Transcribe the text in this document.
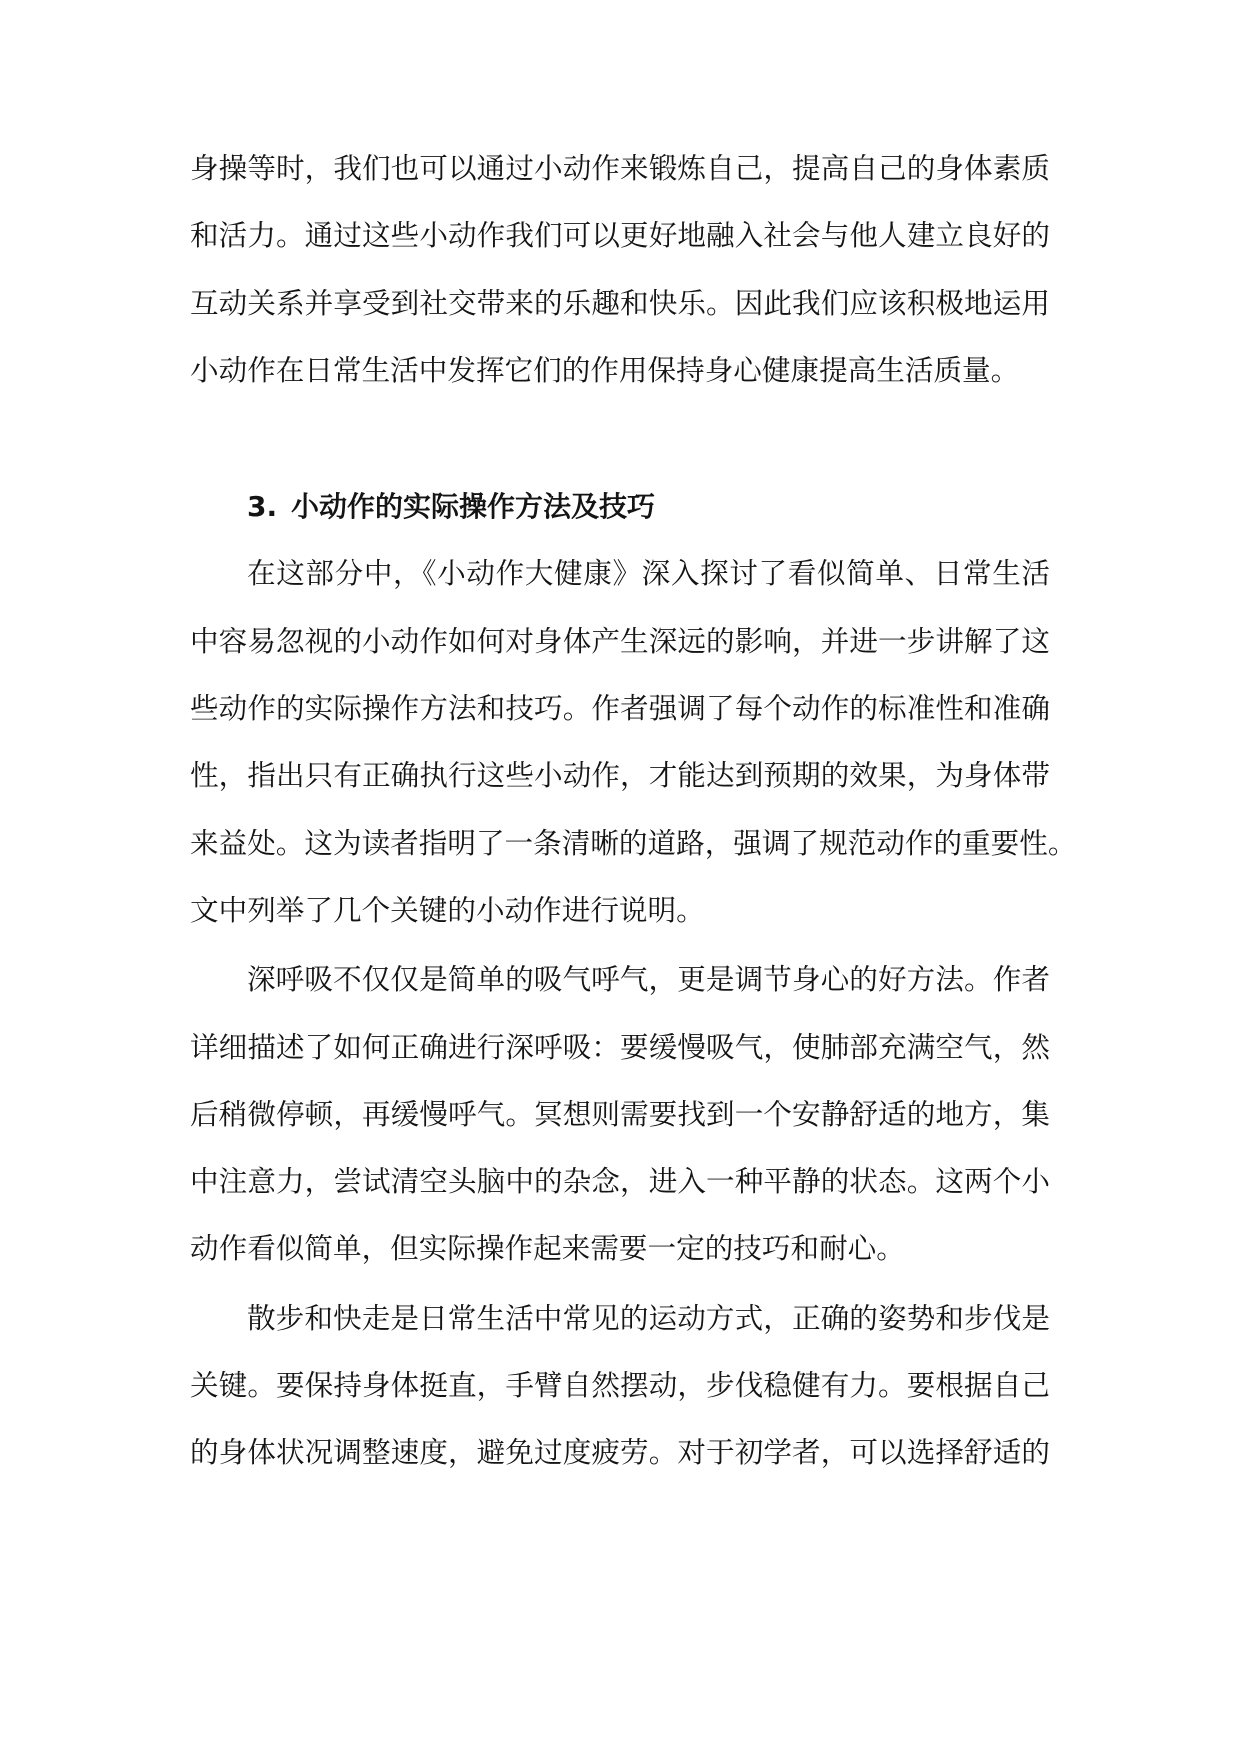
身操等时，我们也可以通过小动作来锻炼自己，提高自己的身体素质
和活力。通过这些小动作我们可以更好地融入社会与他人建立良好的
互动关系并享受到社交带来的乐趣和快乐。因此我们应该积极地运用
小动作在日常生活中发挥它们的作用保持身心健康提高生活质量。
3. 小动作的实际操作方法及技巧
在这部分中，《小动作大健康》深入探讨了看似简单、日常生活
中容易忽视的小动作如何对身体产生深远的影响，并进一步讲解了这
些动作的实际操作方法和技巧。作者强调了每个动作的标准性和准确
性，指出只有正确执行这些小动作，才能达到预期的效果，为身体带
来益处。这为读者指明了一条清晰的道路，强调了规范动作的重要性。
文中列举了几个关键的小动作进行说明。
深呼吸不仅仅是简单的吸气呼气，更是调节身心的好方法。作者
详细描述了如何正确进行深呼吸：要缓慢吸气，使肺部充满空气，然
后稍微停顿，再缓慢呼气。冥想则需要找到一个安静舒适的地方，集
中注意力，尝试清空头脑中的杂念，进入一种平静的状态。这两个小
动作看似简单，但实际操作起来需要一定的技巧和耐心。
散步和快走是日常生活中常见的运动方式，正确的姿势和步伐是
关键。要保持身体挺直，手臂自然摆动，步伐稳健有力。要根据自己
的身体状况调整速度，避免过度疲劳。对于初学者，可以选择舒适的
